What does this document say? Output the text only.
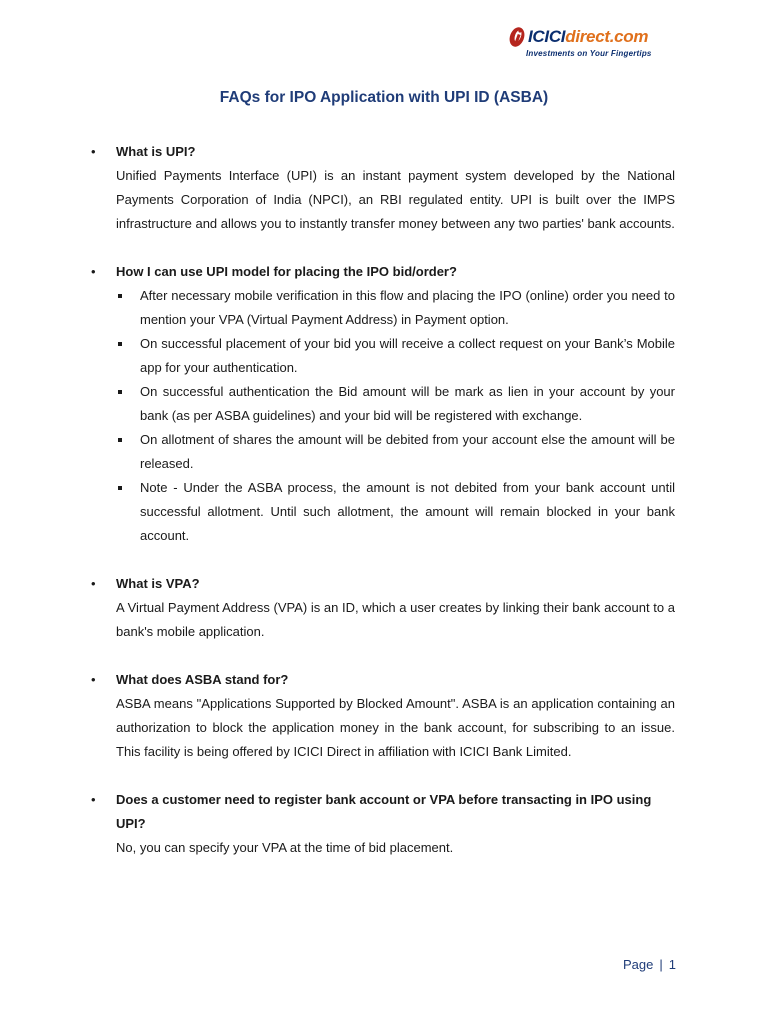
ICICI direct.com
Investments on Your Fingertips
FAQs for IPO Application with UPI ID (ASBA)
• What is UPI?
Unified Payments Interface (UPI) is an instant payment system developed by the National Payments Corporation of India (NPCI), an RBI regulated entity. UPI is built over the IMPS infrastructure and allows you to instantly transfer money between any two parties' bank accounts.
• How I can use UPI model for placing the IPO bid/order?
After necessary mobile verification in this flow and placing the IPO (online) order you need to mention your VPA (Virtual Payment Address) in Payment option.
On successful placement of your bid you will receive a collect request on your Bank’s Mobile app for your authentication.
On successful authentication the Bid amount will be mark as lien in your account by your bank (as per ASBA guidelines) and your bid will be registered with exchange.
On allotment of shares the amount will be debited from your account else the amount will be released.
Note - Under the ASBA process, the amount is not debited from your bank account until successful allotment. Until such allotment, the amount will remain blocked in your bank account.
• What is VPA?
A Virtual Payment Address (VPA) is an ID, which a user creates by linking their bank account to a bank's mobile application.
• What does ASBA stand for?
ASBA means "Applications Supported by Blocked Amount". ASBA is an application containing an authorization to block the application money in the bank account, for subscribing to an issue. This facility is being offered by ICICI Direct in affiliation with ICICI Bank Limited.
• Does a customer need to register bank account or VPA before transacting in IPO using UPI?
No, you can specify your VPA at the time of bid placement.
Page | 1
